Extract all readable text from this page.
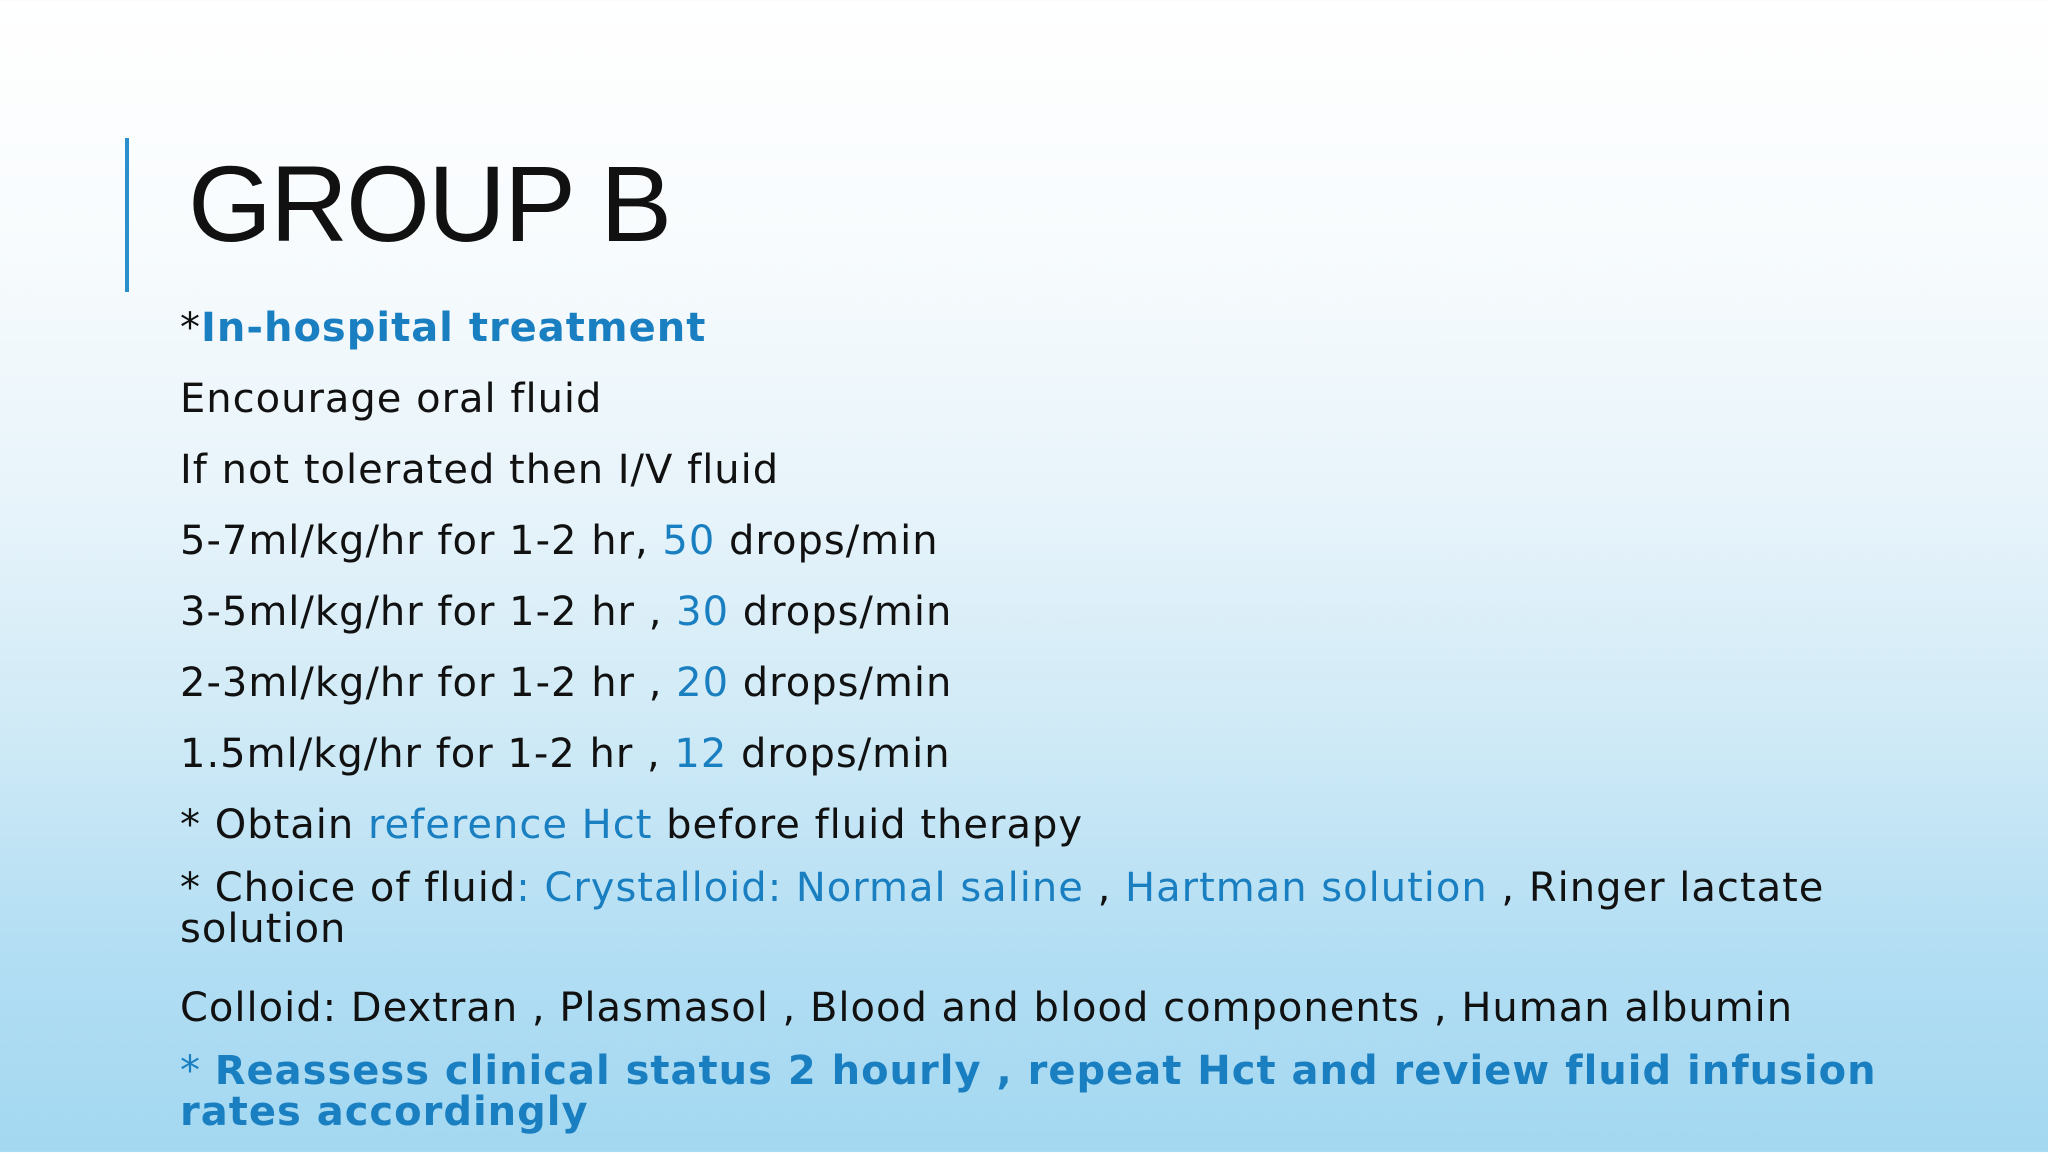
GROUP B
*In-hospital treatment
Encourage oral fluid
If not tolerated then I/V fluid
5-7ml/kg/hr for 1-2 hr, 50 drops/min
3-5ml/kg/hr for 1-2 hr , 30 drops/min
2-3ml/kg/hr for 1-2 hr , 20 drops/min
1.5ml/kg/hr for 1-2 hr , 12 drops/min
* Obtain reference Hct before fluid therapy
* Choice of fluid: Crystalloid: Normal saline , Hartman solution , Ringer lactate solution
Colloid: Dextran , Plasmasol , Blood and blood components , Human albumin
* Reassess clinical status 2 hourly , repeat Hct and review fluid infusion rates accordingly
